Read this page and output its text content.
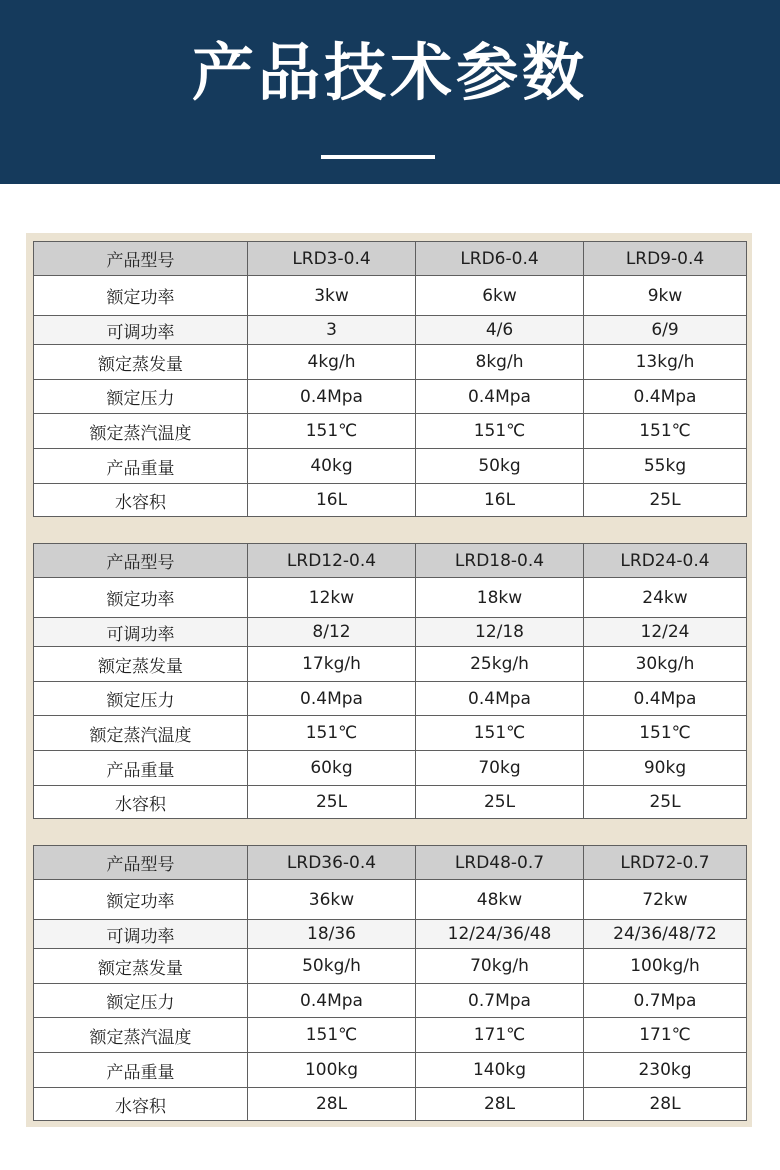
产品技术参数
产品型号	LRD3-0.4	LRD6-0.4	LRD9-0.4
额定功率	3kw	6kw	9kw
可调功率	3	4/6	6/9
额定蒸发量	4kg/h	8kg/h	13kg/h
额定压力	0.4Mpa	0.4Mpa	0.4Mpa
额定蒸汽温度	151℃	151℃	151℃
产品重量	40kg	50kg	55kg
水容积	16L	16L	25L
产品型号	LRD12-0.4	LRD18-0.4	LRD24-0.4
额定功率	12kw	18kw	24kw
可调功率	8/12	12/18	12/24
额定蒸发量	17kg/h	25kg/h	30kg/h
额定压力	0.4Mpa	0.4Mpa	0.4Mpa
额定蒸汽温度	151℃	151℃	151℃
产品重量	60kg	70kg	90kg
水容积	25L	25L	25L
产品型号	LRD36-0.4	LRD48-0.7	LRD72-0.7
额定功率	36kw	48kw	72kw
可调功率	18/36	12/24/36/48	24/36/48/72
额定蒸发量	50kg/h	70kg/h	100kg/h
额定压力	0.4Mpa	0.7Mpa	0.7Mpa
额定蒸汽温度	151℃	171℃	171℃
产品重量	100kg	140kg	230kg
水容积	28L	28L	28L
